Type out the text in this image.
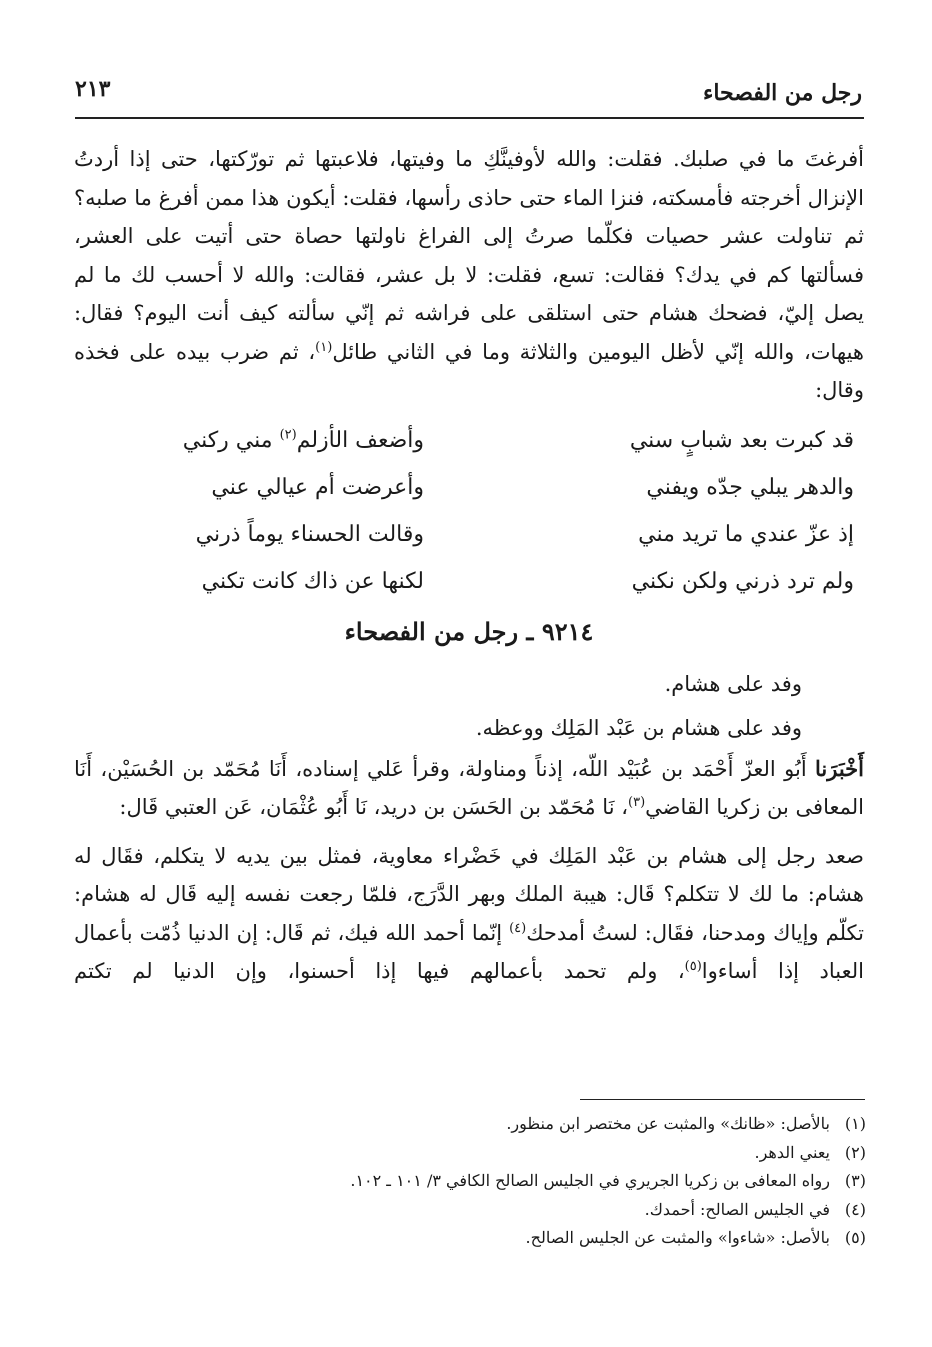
رجل من الفصحاء
٢١٣

أفرغتَ ما في صلبك. فقلت: والله لأوفينَّكِ ما وفيتها، فلاعبتها ثم تورّكتها، حتى إذا أردتُ الإنزال أخرجته فأمسكته، فنزا الماء حتى حاذى رأسها، فقلت: أيكون هذا ممن أفرغ ما صلبه؟ ثم تناولت عشر حصيات فكلّما صرتُ إلى الفراغ ناولتها حصاة حتى أتيت على العشر، فسألتها كم في يدك؟ فقالت: تسع، فقلت: لا بل عشر، فقالت: والله لا أحسب لك ما لم يصل إليّ، فضحك هشام حتى استلقى على فراشه ثم إنّي سألته كيف أنت اليوم؟ فقال: هيهات، والله إنّي لأظل اليومين والثلاثة وما في الثاني طائل$^{(١)}$، ثم ضرب بيده على فخذه وقال:

قد كبرت بعد شبابٍ سني
وأضعف الأزلم$^{(٢)}$ مني ركني
والدهر يبلي جدّه ويفني
وأعرضت أم عيالي عني
إذ عزّ عندي ما تريد مني
وقالت الحسناء يوماً ذرني
ولم ترد ذرني ولكن نكني
لكنها عن ذاك كانت تكني
٩٢١٤ ـ رجل من الفصحاء

وفد على هشام.

وفد على هشام بن عَبْد المَلِك ووعظه.

أَخْبَرَنا أَبُو العزّ أَحْمَد بن عُبَيْد اللّه، إذناً ومناولة، وقرأ عَلي إسناده، أَنَا مُحَمّد بن الحُسَيْن، أَنَا المعافى بن زكريا القاضي$^{(٣)}$، نَا مُحَمّد بن الحَسَن بن دريد، نَا أَبُو عُثْمَان، عَن العتبي قَال:

صعد رجل إلى هشام بن عَبْد المَلِك في خَضْراء معاوية، فمثل بين يديه لا يتكلم، فقَال له هشام: ما لك لا تتكلم؟ قَال: هيبة الملك وبهر الدَّرَج، فلمّا رجعت نفسه إليه قَال له هشام: تكلّم وإياك ومدحنا، فقَال: لستُ أمدحك$^{(٤)}$ إنّما أحمد الله فيك، ثم قَال: إن الدنيا ذُمّت بأعمال العباد إذا أساءوا$^{(٥)}$، ولم تحمد بأعمالهم فيها إذا أحسنوا، وإن الدنيا لم تكتم

(١)بالأصل: «ظانك» والمثبت عن مختصر ابن منظور.

(٢)يعني الدهر.

(٣)رواه المعافى بن زكريا الجريري في الجليس الصالح الكافي ٣/ ١٠١ ـ ١٠٢.

(٤)في الجليس الصالح: أحمدك.

(٥)بالأصل: «شاءوا» والمثبت عن الجليس الصالح.
